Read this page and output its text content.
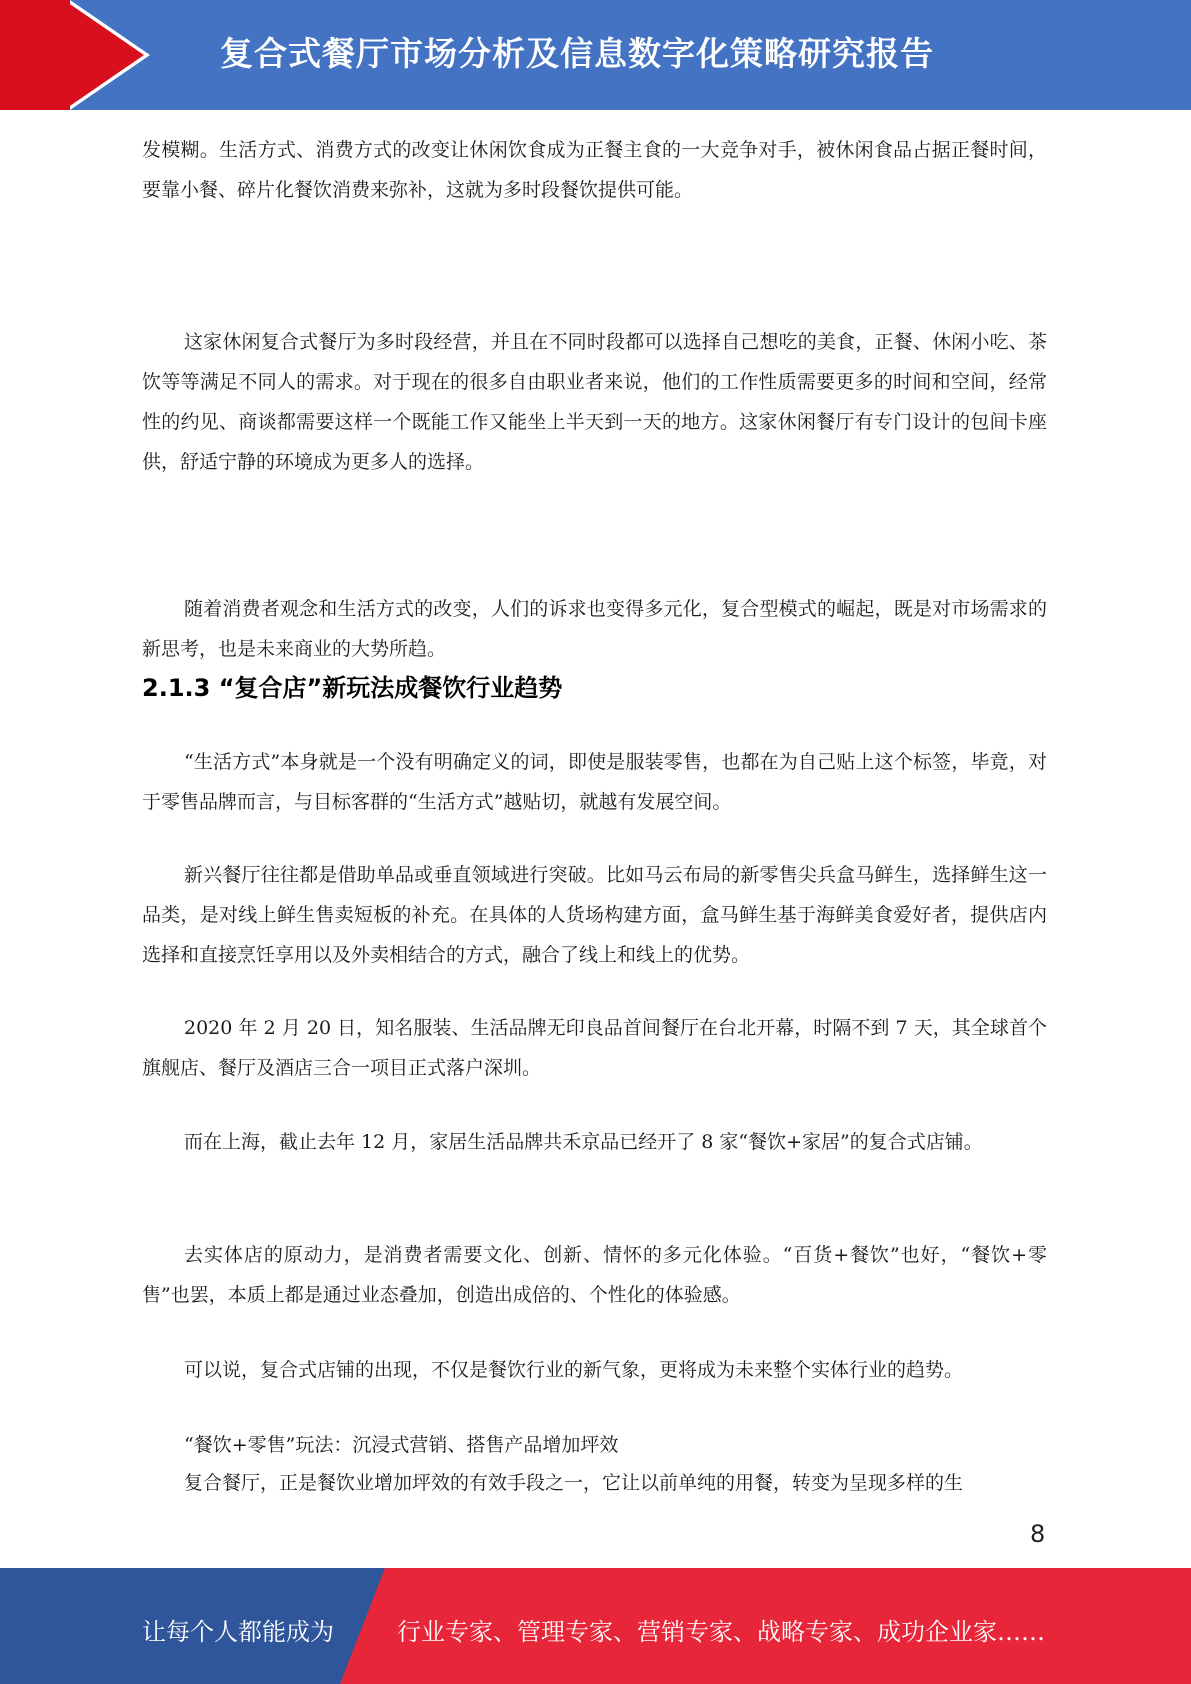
复合式餐厅市场分析及信息数字化策略研究报告

发模糊。生活方式、消费方式的改变让休闲饮食成为正餐主食的一大竞争对手，被休闲食品占据正餐时间，要靠小餐、碎片化餐饮消费来弥补，这就为多时段餐饮提供可能。

这家休闲复合式餐厅为多时段经营，并且在不同时段都可以选择自己想吃的美食，正餐、休闲小吃、茶饮等等满足不同人的需求。对于现在的很多自由职业者来说，他们的工作性质需要更多的时间和空间，经常性的约见、商谈都需要这样一个既能工作又能坐上半天到一天的地方。这家休闲餐厅有专门设计的包间卡座供，舒适宁静的环境成为更多人的选择。

随着消费者观念和生活方式的改变，人们的诉求也变得多元化，复合型模式的崛起，既是对市场需求的新思考，也是未来商业的大势所趋。

2.1.3 “复合店”新玩法成餐饮行业趋势

“生活方式”本身就是一个没有明确定义的词，即使是服装零售，也都在为自己贴上这个标签，毕竟，对于零售品牌而言，与目标客群的“生活方式”越贴切，就越有发展空间。

新兴餐厅往往都是借助单品或垂直领域进行突破。比如马云布局的新零售尖兵盒马鲜生，选择鲜生这一品类，是对线上鲜生售卖短板的补充。在具体的人货场构建方面，盒马鲜生基于海鲜美食爱好者，提供店内选择和直接烹饪享用以及外卖相结合的方式，融合了线上和线上的优势。

2020 年 2 月 20 日，知名服装、生活品牌无印良品首间餐厅在台北开幕，时隔不到 7 天，其全球首个旗舰店、餐厅及酒店三合一项目正式落户深圳。

而在上海，截止去年 12 月，家居生活品牌共禾京品已经开了 8 家“餐饮+家居”的复合式店铺。

去实体店的原动力，是消费者需要文化、创新、情怀的多元化体验。“百货+餐饮”也好，“餐饮+零售”也罢，本质上都是通过业态叠加，创造出成倍的、个性化的体验感。

可以说，复合式店铺的出现，不仅是餐饮行业的新气象，更将成为未来整个实体行业的趋势。

“餐饮+零售”玩法：沉浸式营销、搭售产品增加坪效

复合餐厅，正是餐饮业增加坪效的有效手段之一，它让以前单纯的用餐，转变为呈现多样的生

8
让每个人都能成为	行业专家、管理专家、营销专家、战略专家、成功企业家……
